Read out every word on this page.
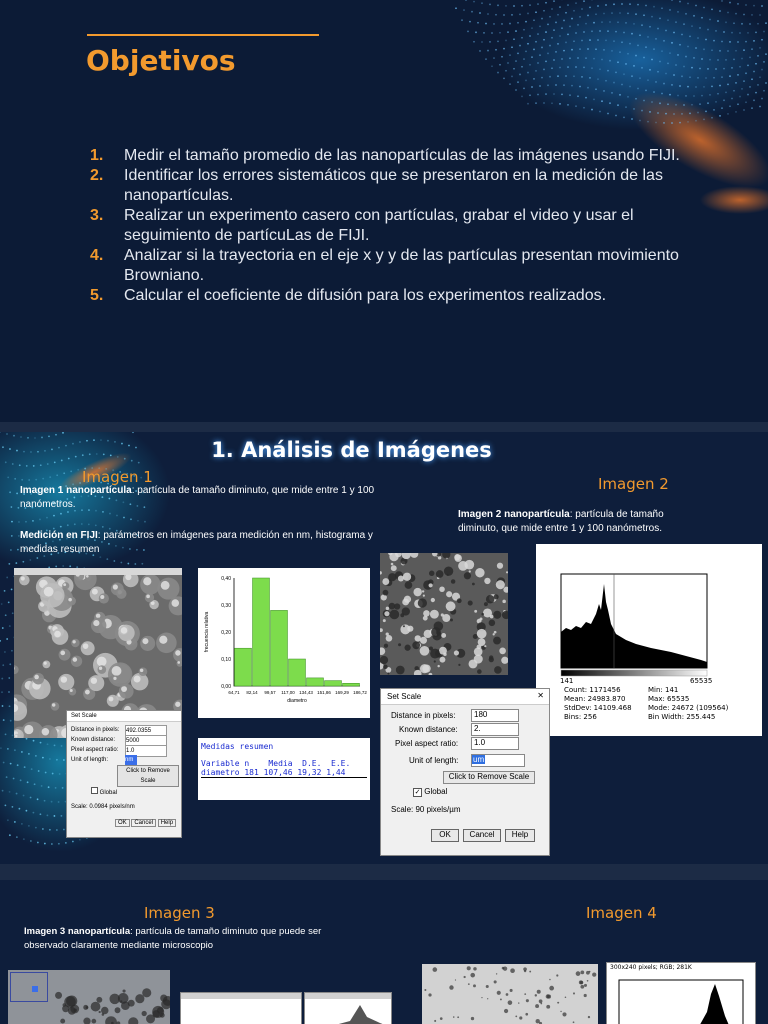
Objetivos
1. Medir el tamaño promedio de las nanopartículas de las imágenes usando FIJI.
2. Identificar los errores sistemáticos que se presentaron en la medición de las nanopartículas.
3. Realizar un experimento casero con partículas, grabar el video y usar el seguimiento de partícuLas de FIJI.
4. Analizar si la trayectoria en el eje x y y de las partículas presentan movimiento Browniano.
5. Calcular el coeficiente de difusión para los experimentos realizados.
1. Análisis de Imágenes
Imagen 1	Imagen 2
Imagen 1 nanopartícula: partícula de tamaño diminuto, que mide entre 1 y 100 nanómetros.
Medición en FIJI: parámetros en imágenes para medición en nm, histograma y medidas resumen
Imagen 2 nanopartícula: partícula de tamaño diminuto, que mide entre 1 y 100 nanómetros.
Set Scale
Distance in pixels: 492.0355
Known distance: 5000
Pixel aspect ratio: 1.0
Unit of length:	nm
Click to Remove Scale
Global
Scale: 0.0984 pixels/nm
OK Cancel Help
0,40
0,30
0,20
0,10
0,00
64,71 82,14 99,57 117,00 134,43 151,86 169,29 186,72
frecuencia relativa
diametro
Medidas resumen
Variable n    Media  D.E.  E.E.
diametro 181 107,46 19,32 1,44
141	65535
Count: 1171456
Mean: 24983.870
StdDev: 14109.468
Bins: 256
Min: 141
Max: 65535
Mode: 24672 (109564)
Bin Width: 255.445
Set Scale	✕
Distance in pixels:	180
Known distance:	2.
Pixel aspect ratio:	1.0
Unit of length: um
Click to Remove Scale
✓ Global
Scale: 90 pixels/µm
OK	Cancel	Help
Imagen 3	Imagen 4
Imagen 3 nanopartícula: partícula de tamaño diminuto que puede ser observado claramente mediante microscopio
300x240 pixels; RGB; 281K
